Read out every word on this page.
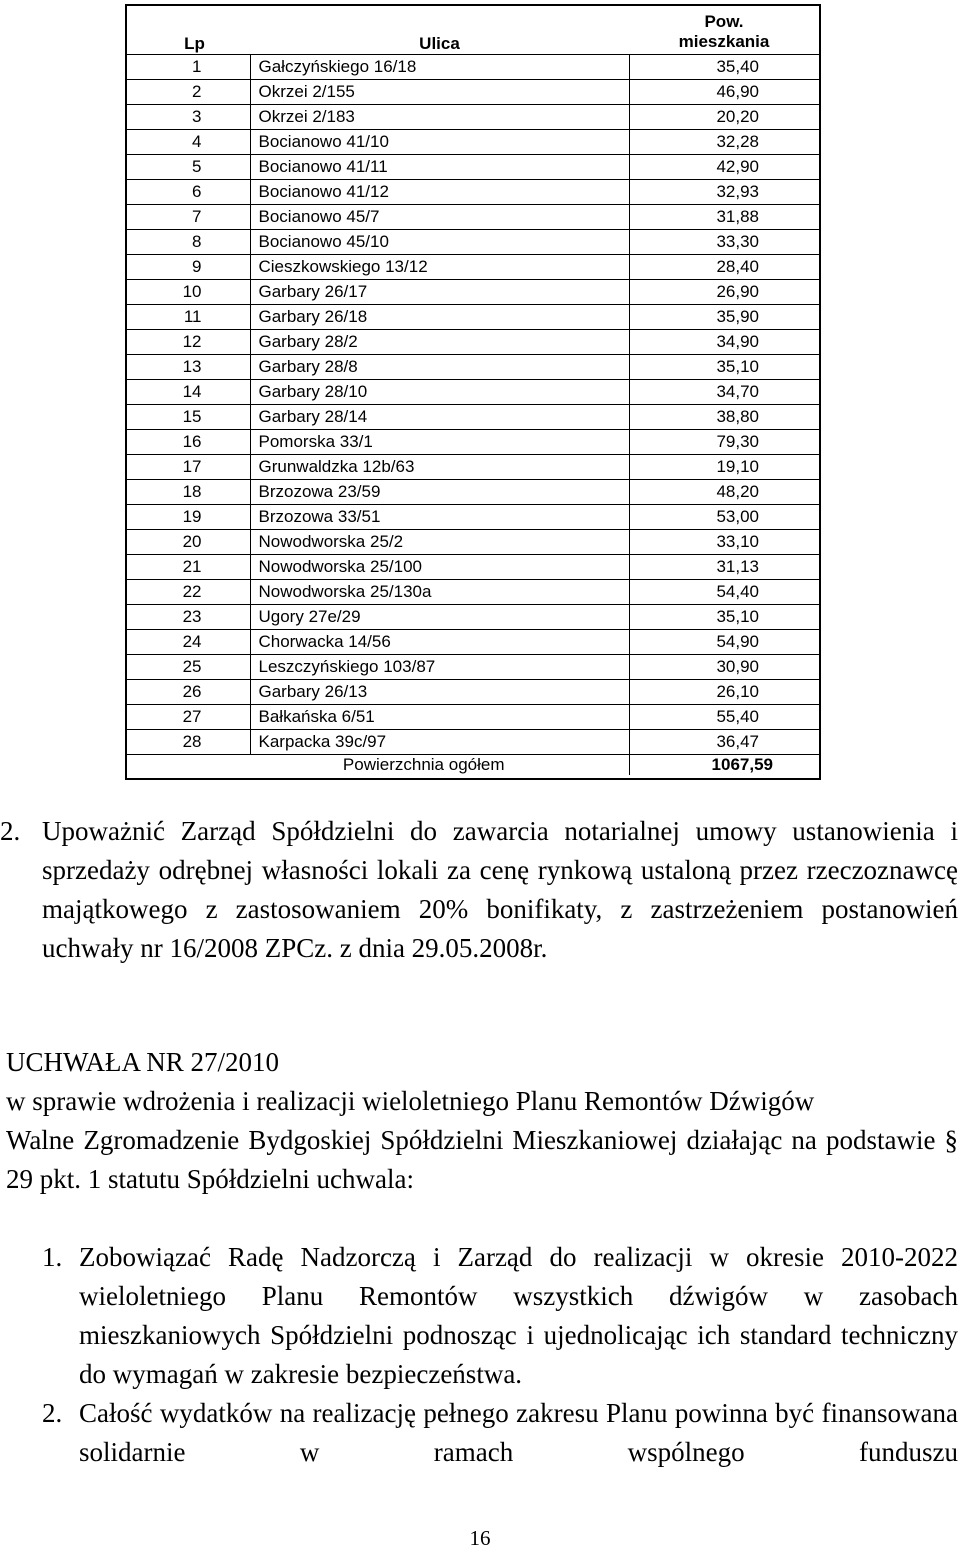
Lp	Ulica	Pow.
mieszkania

1	Gałczyńskiego 16/18	35,40
2	Okrzei 2/155	46,90
3	Okrzei 2/183	20,20
4	Bocianowo 41/10	32,28
5	Bocianowo 41/11	42,90
6	Bocianowo 41/12	32,93
7	Bocianowo 45/7	31,88
8	Bocianowo 45/10	33,30
9	Cieszkowskiego 13/12	28,40
10	Garbary 26/17	26,90
11	Garbary 26/18	35,90
12	Garbary 28/2	34,90
13	Garbary 28/8	35,10
14	Garbary 28/10	34,70
15	Garbary 28/14	38,80
16	Pomorska 33/1	79,30
17	Grunwaldzka 12b/63	19,10
18	Brzozowa 23/59	48,20
19	Brzozowa 33/51	53,00
20	Nowodworska 25/2	33,10
21	Nowodworska 25/100	31,13
22	Nowodworska 25/130a	54,40
23	Ugory 27e/29	35,10
24	Chorwacka 14/56	54,90
25	Leszczyńskiego 103/87	30,90
26	Garbary 26/13	26,10
27	Bałkańska 6/51	55,40
28	Karpacka 39c/97	36,47
Powierzchnia ogółem		1067,59
2. Upoważnić Zarząd Spółdzielni do zawarcia notarialnej umowy ustanowienia i sprzedaży odrębnej własności lokali za cenę rynkową ustaloną przez rzeczoznawcę majątkowego z zastosowaniem 20% bonifikaty, z zastrzeżeniem postanowień uchwały nr 16/2008 ZPCz. z dnia 29.05.2008r.

UCHWAŁA NR 27/2010

w sprawie wdrożenia i realizacji wieloletniego Planu Remontów Dźwigów

Walne Zgromadzenie Bydgoskiej Spółdzielni Mieszkaniowej działając na podstawie § 29 pkt. 1 statutu Spółdzielni uchwala:

1. Zobowiązać Radę Nadzorczą i Zarząd do realizacji w okresie 2010-2022 wieloletniego Planu Remontów wszystkich dźwigów w zasobach mieszkaniowych Spółdzielni podnosząc i ujednolicając ich standard techniczny do wymagań w zakresie bezpieczeństwa.

2. Całość wydatków na realizację pełnego zakresu Planu powinna być finansowana solidarnie w ramach wspólnego funduszu

16
